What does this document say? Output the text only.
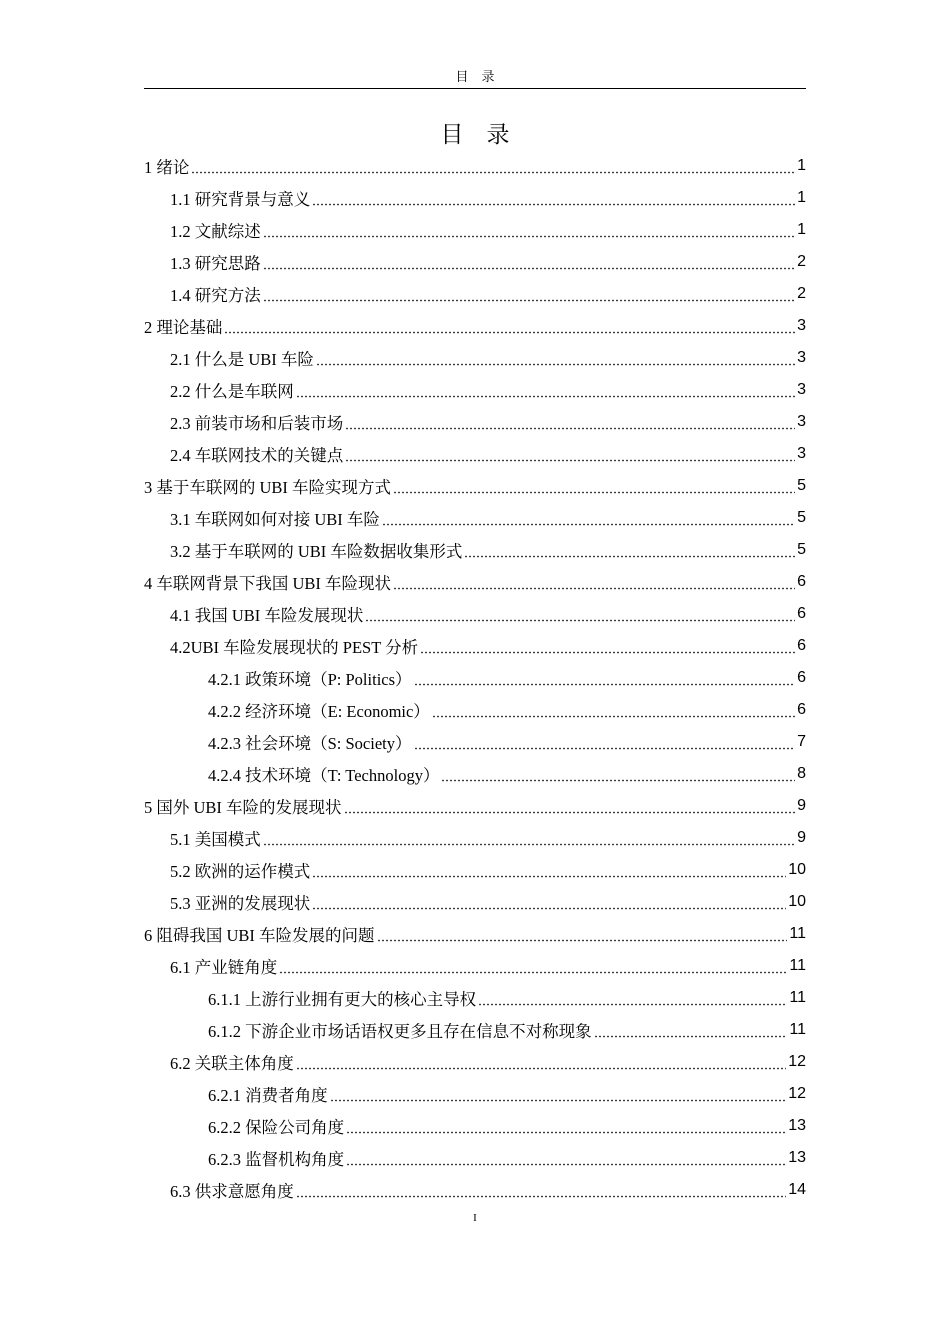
目　录
目　录
1 绪论	1
1.1 研究背景与意义	1
1.2 文献综述	1
1.3 研究思路	2
1.4 研究方法	2
2 理论基础	3
2.1 什么是 UBI 车险	3
2.2 什么是车联网	3
2.3 前装市场和后装市场	3
2.4 车联网技术的关键点	3
3 基于车联网的 UBI 车险实现方式	5
3.1 车联网如何对接 UBI 车险	5
3.2 基于车联网的 UBI 车险数据收集形式	5
4 车联网背景下我国 UBI 车险现状	6
4.1 我国 UBI 车险发展现状	6
4.2UBI 车险发展现状的 PEST 分析	6
4.2.1 政策环境（P: Politics）	6
4.2.2 经济环境（E: Economic）	6
4.2.3 社会环境（S: Society）	7
4.2.4 技术环境（T: Technology）	8
5 国外 UBI 车险的发展现状	9
5.1 美国模式	9
5.2 欧洲的运作模式	10
5.3 亚洲的发展现状	10
6 阻碍我国 UBI 车险发展的问题	11
6.1 产业链角度	11
6.1.1 上游行业拥有更大的核心主导权	11
6.1.2 下游企业市场话语权更多且存在信息不对称现象	11
6.2 关联主体角度	12
6.2.1 消费者角度	12
6.2.2 保险公司角度	13
6.2.3 监督机构角度	13
6.3 供求意愿角度	14
I
